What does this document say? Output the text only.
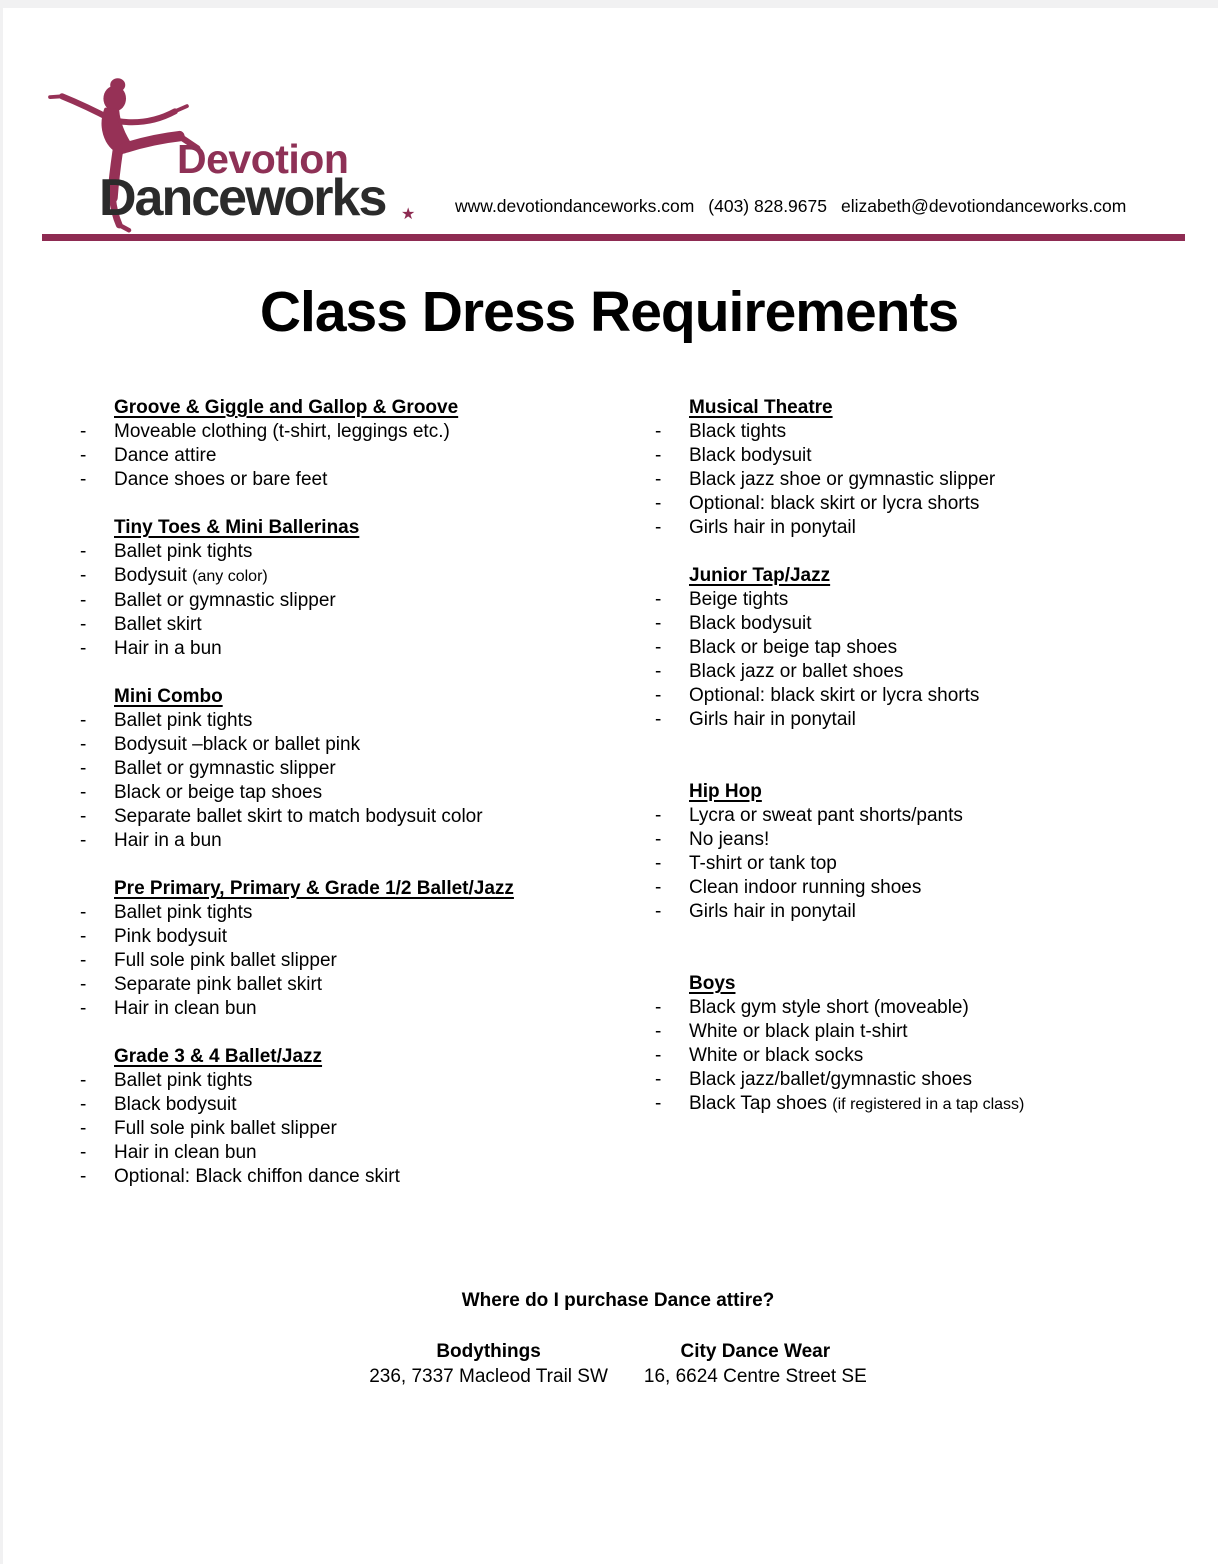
Devotion
Danceworks ★ www.devotiondanceworks.com (403) 828.9675 elizabeth@devotiondanceworks.com
Class Dress Requirements
Groove & Giggle and Gallop & Groove
-	Moveable clothing (t-shirt, leggings etc.)
-	Dance attire
-	Dance shoes or bare feet
Tiny Toes & Mini Ballerinas
-	Ballet pink tights
-	Bodysuit (any color)
-	Ballet or gymnastic slipper
-	Ballet skirt
-	Hair in a bun
Mini Combo
-	Ballet pink tights
-	Bodysuit –black or ballet pink
-	Ballet or gymnastic slipper
-	Black or beige tap shoes
-	Separate ballet skirt to match bodysuit color
-	Hair in a bun
Pre Primary, Primary & Grade 1/2 Ballet/Jazz
-	Ballet pink tights
-	Pink bodysuit
-	Full sole pink ballet slipper
-	Separate pink ballet skirt
-	Hair in clean bun
Grade 3 & 4 Ballet/Jazz
-	Ballet pink tights
-	Black bodysuit
-	Full sole pink ballet slipper
-	Hair in clean bun
-	Optional: Black chiffon dance skirt
Musical Theatre
-	Black tights
-	Black bodysuit
-	Black jazz shoe or gymnastic slipper
-	Optional: black skirt or lycra shorts
-	Girls hair in ponytail
Junior Tap/Jazz
-	Beige tights
-	Black bodysuit
-	Black or beige tap shoes
-	Black jazz or ballet shoes
-	Optional: black skirt or lycra shorts
-	Girls hair in ponytail
Hip Hop
-	Lycra or sweat pant shorts/pants
-	No jeans!
-	T-shirt or tank top
-	Clean indoor running shoes
-	Girls hair in ponytail
Boys
-	Black gym style short (moveable)
-	White or black plain t-shirt
-	White or black socks
-	Black jazz/ballet/gymnastic shoes
-	Black Tap shoes (if registered in a tap class)
Where do I purchase Dance attire?
Bodythings
236, 7337 Macleod Trail SW
City Dance Wear
16, 6624 Centre Street SE
